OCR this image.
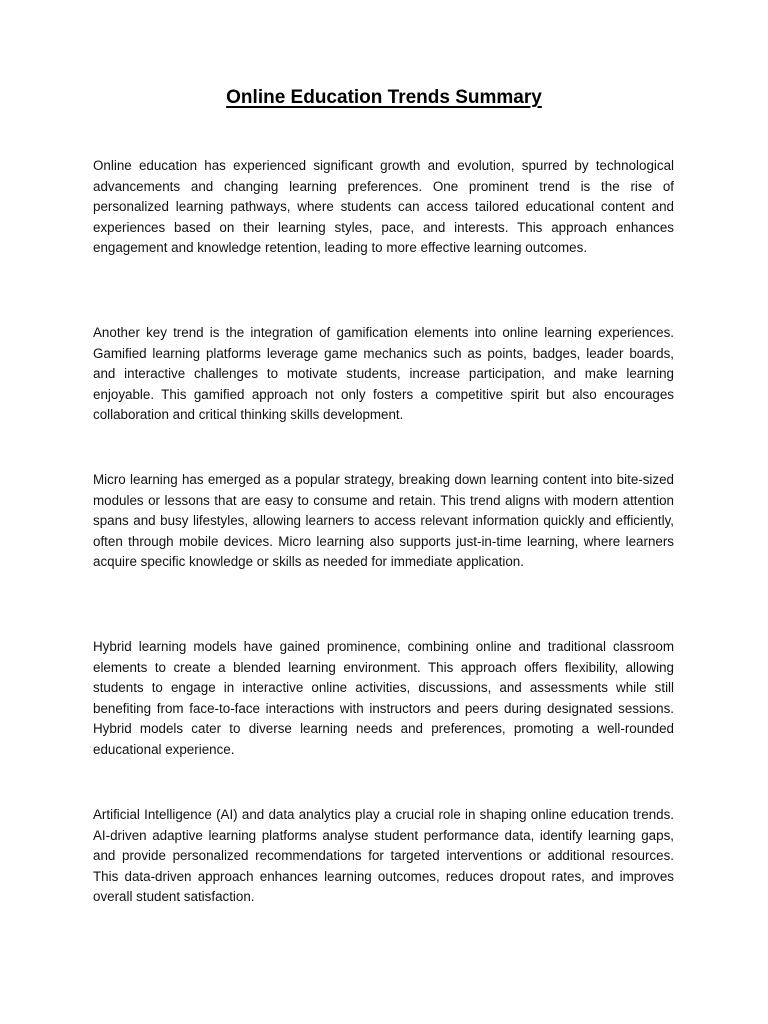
Online Education Trends Summary

Online education has experienced significant growth and evolution, spurred by technological advancements and changing learning preferences. One prominent trend is the rise of personalized learning pathways, where students can access tailored educational content and experiences based on their learning styles, pace, and interests. This approach enhances engagement and knowledge retention, leading to more effective learning outcomes.

Another key trend is the integration of gamification elements into online learning experiences. Gamified learning platforms leverage game mechanics such as points, badges, leader boards, and interactive challenges to motivate students, increase participation, and make learning enjoyable. This gamified approach not only fosters a competitive spirit but also encourages collaboration and critical thinking skills development.

Micro learning has emerged as a popular strategy, breaking down learning content into bite-sized modules or lessons that are easy to consume and retain. This trend aligns with modern attention spans and busy lifestyles, allowing learners to access relevant information quickly and efficiently, often through mobile devices. Micro learning also supports just-in-time learning, where learners acquire specific knowledge or skills as needed for immediate application.

Hybrid learning models have gained prominence, combining online and traditional classroom elements to create a blended learning environment. This approach offers flexibility, allowing students to engage in interactive online activities, discussions, and assessments while still benefiting from face-to-face interactions with instructors and peers during designated sessions. Hybrid models cater to diverse learning needs and preferences, promoting a well-rounded educational experience.

Artificial Intelligence (AI) and data analytics play a crucial role in shaping online education trends. AI-driven adaptive learning platforms analyse student performance data, identify learning gaps, and provide personalized recommendations for targeted interventions or additional resources. This data-driven approach enhances learning outcomes, reduces dropout rates, and improves overall student satisfaction.
